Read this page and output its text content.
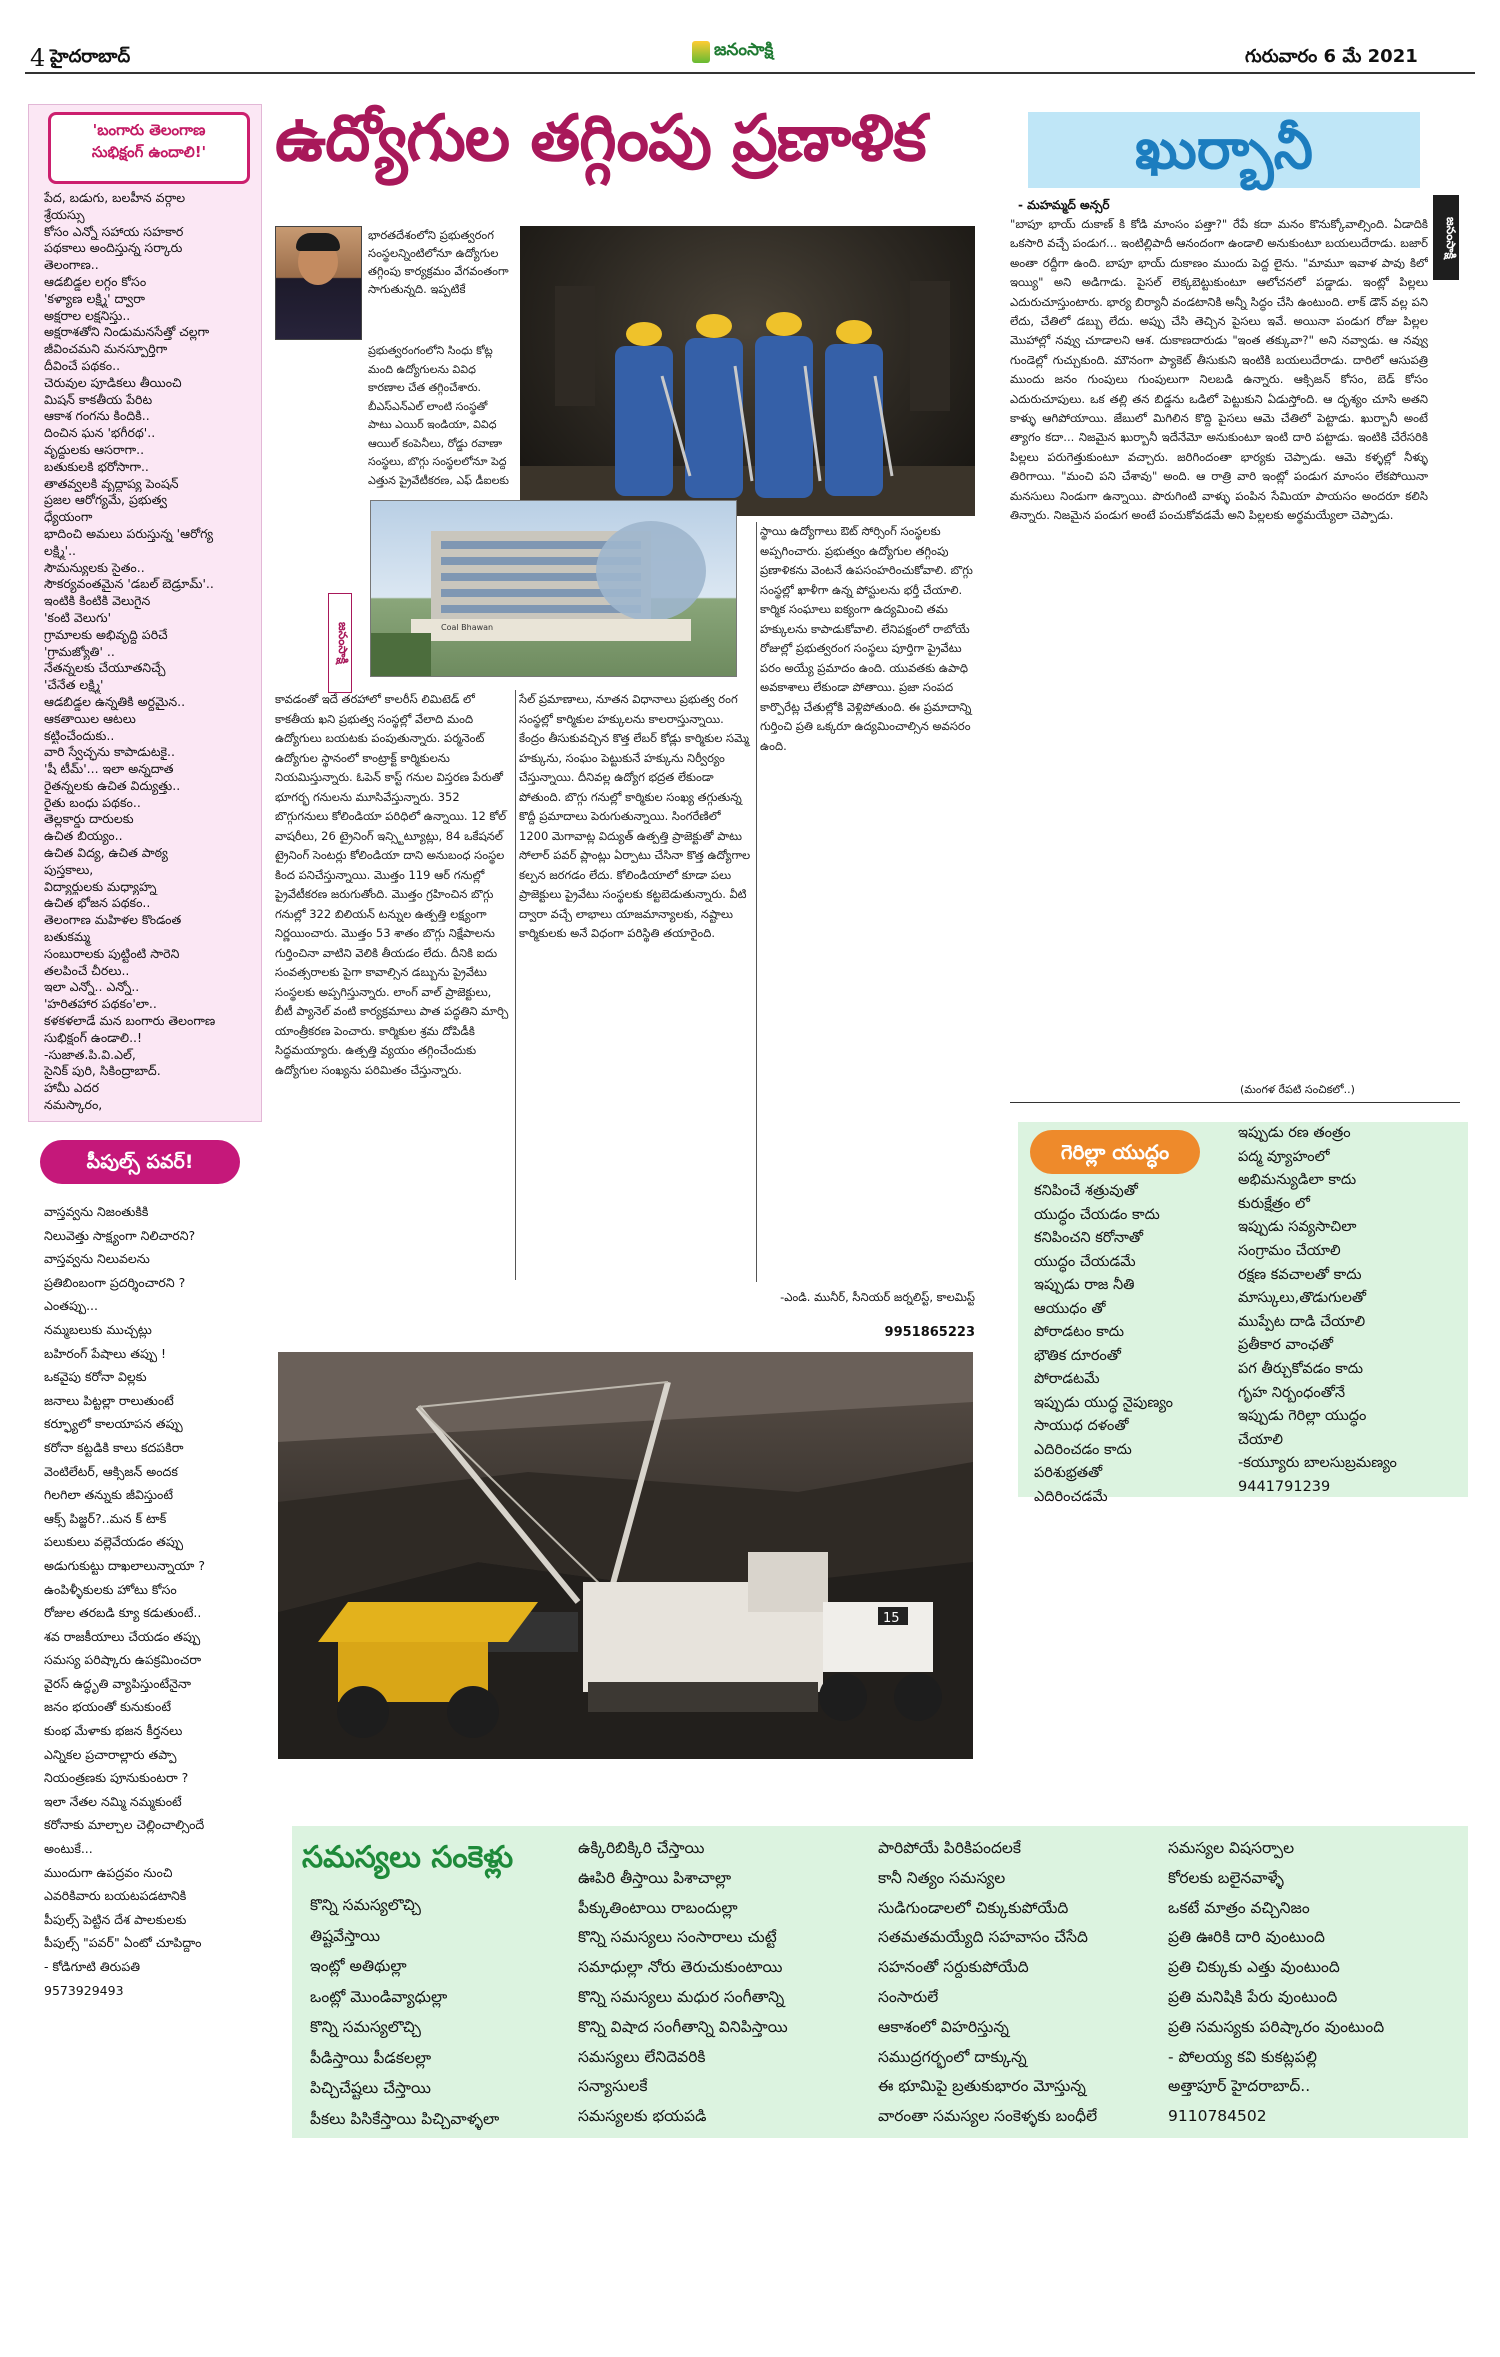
4 హైదరాబాద్	జనంసాక్షి	గురువారం 6 మే 2021
'బంగారు తెలంగాణ
సుభిక్షంగ్ ఉందాలి!'
పేద, బడుగు, బలహీన వర్గాల
శ్రేయస్సు
కోసం ఎన్నో సహాయ సహకార
పథకాలు అందిస్తున్న సర్కారు
తెలంగాణ..
ఆడబిడ్డల లగ్గం కోసం
'కళ్యాణ లక్ష్మి' ద్వారా
అక్షరాల లక్షనిస్తు..
అక్షరాశతోని నిండుమనసేత్తో చల్లగా
జీవించమని మనస్పూర్తిగా
దీవించే పథకం..
చెరువుల పూడికలు తీయించి
మిషన్ కాకతీయ పేరిట
ఆకాశ గంగను కిందికి..
దించిన ఘన 'భగీరథ'..
వృద్ధులకు ఆసరాగా..
బతుకులకి భరోసాగా..
తాతవ్వలకి వృద్ధాప్య పెంషన్
ప్రజల ఆరోగ్యమే, ప్రభుత్వ
ధ్యేయంగా
భాదించి అమలు పరుస్తున్న 'ఆరోగ్య
లక్ష్మి'..
సౌమన్యులకు సైతం..
సౌకర్యవంతమైన 'డబల్ బెడ్రూమ్'..
ఇంటికి కింటికి వెలుగైన
'కంటి వెలుగు'
గ్రామాలకు అభివృద్ధి పరిచే
'గ్రామజ్యోతి' ..
నేతన్నలకు చేయూతనిచ్చే
'చేనేత లక్ష్మి'
ఆడబిడ్డల ఉన్నతికి అర్ధమైన..
ఆకతాయిల ఆటలు
కట్టించేందుకు..
వారి స్వేచ్ఛను కాపాడుటకై..
'షీ టీమ్'... ఇలా అన్నదాత
రైతన్నలకు ఉచిత విద్యుత్తు..
రైతు బంధు పథకం..
తెల్లకార్డు దారులకు
ఉచిత బియ్యం..
ఉచిత విద్య, ఉచిత పాఠ్య
పుస్తకాలు,
విద్యార్థులకు మధ్యాహ్న
ఉచిత భోజన పథకం..
తెలంగాణ మహిళల కొండంత
బతుకమ్మ
సంబురాలకు పుట్టింటి సారెని
తలపించే చీరలు..
ఇలా ఎన్నో.. ఎన్నో..
'హరితహార పథకం'లా..
కళకళలాడే మన బంగారు తెలంగాణ
సుభిక్షంగ్ ఉండాలి..!
-సుజాత.పి.వి.ఎల్,
సైనిక్ పురి, సికింద్రాబాద్.
హామీ ఎదర
నమస్కారం,
పీపుల్స్ పవర్!
వాస్తవ్వను నిజంతుకికి
నిలువెత్తు సాక్ష్యంగా నిలిచారని?
వాస్తవ్వను నిలువలను
ప్రతిబింబంగా ప్రదర్శించారని ?
ఎంతప్పు...
నమ్మబలుకు ముచ్చట్లు
బహిరంగ్ పేషాలు తప్పు !
ఒకవైపు కరోనా విల్లకు
జనాలు పిట్టల్లా రాలుతుంటే
కర్ఫ్యూలో కాలయాపన తప్పు
కరోనా కట్టడికి కాలు కదపకిరా
వెంటిలేటర్, ఆక్సిజన్ అందక
గిలగిలా తన్నుకు జీవిస్తుంటే
ఆక్స్ పిజ్జర్?..మన క్ టాక్
పలుకులు వల్లెవేయడం తప్పు
అడుగుకుట్టు దాఖలాలున్నాయా ?
ఉంపిళ్ళీకులకు హోటు కోసం
రోజుల తరబడి క్యూ కడుతుంటే..
శవ రాజకీయాలు చేయడం తప్పు
సమస్య పరిష్కారు ఉపక్రమించరా
వైరస్ ఉద్ధృతి వ్యాపిస్తుంటేనైనా
జనం భయంతో కునుకుంటే
కుంభ మేళాకు భజన కీర్తనలు
ఎన్నికల ప్రచారాల్లారు తప్పా
నియంత్రణకు పూనుకుంటరా ?
ఇలా నేతల నమ్మి నమ్మకుంటే
కరోనాకు మాల్చాల చెల్లించాల్సిందే
అంటుకే...
ముందుగా ఉపద్రవం నుంచి
ఎవరికివారు బయటపడటానికి
పీపుల్స్ పెట్టిన దేశ పాలకులకు
పీపుల్స్ "పవర్" ఏంటో చూపిద్దాం
- కోడిగూటి తిరుపతి
9573929493
ఉద్యోగుల తగ్గింపు ప్రణాళిక
భారతదేశంలోని ప్రభుత్వరంగ సంస్థలన్నింటిలోనూ ఉద్యోగుల తగ్గింపు కార్యక్రమం వేగవంతంగా సాగుతున్నది. ఇప్పటికే
Coal Bhawan
జనంసాక్షి
ప్రభుత్వరంగంలోని సింధు కోట్ల మంది ఉద్యోగులను వివిధ కారణాల చేత తగ్గించేశారు. బీఎస్ఎన్ఎల్ లాంటి సంస్థతో పాటు ఎయిర్ ఇండియా, వివిధ ఆయిల్ కంపెనీలు, రోడ్డు రవాణా సంస్థలు, బొగ్గు సంస్థలలోనూ పెద్ద ఎత్తున ప్రైవేటీకరణ, ఎఫ్ డీఐలకు
కావడంతో ఇదే తరహాలో కాలరీస్ లిమిటెడ్ లో కాకతీయ ఖని ప్రభుత్వ సంస్థల్లో వేలాది మంది ఉద్యోగులు బయటకు పంపుతున్నారు. పర్మనెంట్ ఉద్యోగుల స్థానంలో కాంట్రాక్ట్ కార్మికులను నియమిస్తున్నారు. ఓపెన్ కాస్ట్ గనుల విస్తరణ పేరుతో భూగర్భ గనులను మూసివేస్తున్నారు. 352 బొగ్గుగనులు కోలిండియా పరిధిలో ఉన్నాయి. 12 కోల్ వాషరీలు, 26 ట్రైనింగ్ ఇన్స్టిట్యూట్లు, 84 ఒకేషనల్ ట్రైనింగ్ సెంటర్లు కోలిండియా దాని అనుబంధ సంస్థల కింద పనిచేస్తున్నాయి. మొత్తం 119 ఆర్ గనుల్లో ప్రైవేటీకరణ జరుగుతోంది. మొత్తం గ్రహించిన బొగ్గు గనుల్లో 322 బిలియన్ టన్నుల ఉత్పత్తి లక్ష్యంగా నిర్ణయించారు. మొత్తం 53 శాతం బొగ్గు నిక్షేపాలను గుర్తించినా వాటిని వెలికి తీయడం లేదు. దీనికి ఐదు సంవత్సరాలకు పైగా కావాల్సిన డబ్బును ప్రైవేటు సంస్థలకు అప్పగిస్తున్నారు. లాంగ్ వాల్ ప్రాజెక్టులు, బీటీ ప్యానెల్ వంటి కార్యక్రమాలు పాత పద్ధతిని మార్చి యాంత్రీకరణ పెంచారు. కార్మికుల శ్రమ దోపిడీకి సిద్ధమయ్యారు. ఉత్పత్తి వ్యయం తగ్గించేందుకు ఉద్యోగుల సంఖ్యను పరిమితం చేస్తున్నారు.
సేల్ ప్రమాణాలు, నూతన విధానాలు ప్రభుత్వ రంగ సంస్థల్లో కార్మికుల హక్కులను కాలరాస్తున్నాయి. కేంద్రం తీసుకువచ్చిన కొత్త లేబర్ కోడ్లు కార్మికుల సమ్మె హక్కును, సంఘం పెట్టుకునే హక్కును నిర్వీర్యం చేస్తున్నాయి. దీనివల్ల ఉద్యోగ భద్రత లేకుండా పోతుంది. బొగ్గు గనుల్లో కార్మికుల సంఖ్య తగ్గుతున్న కొద్దీ ప్రమాదాలు పెరుగుతున్నాయి. సింగరేణిలో 1200 మెగావాట్ల విద్యుత్ ఉత్పత్తి ప్రాజెక్టుతో పాటు సోలార్ పవర్ ప్లాంట్లు ఏర్పాటు చేసినా కొత్త ఉద్యోగాల కల్పన జరగడం లేదు. కోలిండియాలో కూడా పలు ప్రాజెక్టులు ప్రైవేటు సంస్థలకు కట్టబెడుతున్నారు. వీటి ద్వారా వచ్చే లాభాలు యాజమాన్యాలకు, నష్టాలు కార్మికులకు అనే విధంగా పరిస్థితి తయారైంది.
స్థాయి ఉద్యోగాలు ఔట్ సోర్సింగ్ సంస్థలకు అప్పగించారు. ప్రభుత్వం ఉద్యోగుల తగ్గింపు ప్రణాళికను వెంటనే ఉపసంహరించుకోవాలి. బొగ్గు సంస్థల్లో ఖాళీగా ఉన్న పోస్టులను భర్తీ చేయాలి. కార్మిక సంఘాలు ఐక్యంగా ఉద్యమించి తమ హక్కులను కాపాడుకోవాలి. లేనిపక్షంలో రాబోయే రోజుల్లో ప్రభుత్వరంగ సంస్థలు పూర్తిగా ప్రైవేటు పరం అయ్యే ప్రమాదం ఉంది. యువతకు ఉపాధి అవకాశాలు లేకుండా పోతాయి. ప్రజా సంపద కార్పొరేట్ల చేతుల్లోకి వెళ్లిపోతుంది. ఈ ప్రమాదాన్ని గుర్తించి ప్రతి ఒక్కరూ ఉద్యమించాల్సిన అవసరం ఉంది.
-ఎండి. మునీర్, సీనియర్ జర్నలిస్ట్, కాలమిస్ట్
9951865223
15
ఖుర్బానీ
జనంసాక్షి
- మహమ్మద్ అన్సర్
"బాపూ భాయ్ దుకాణ్ కి కోడి మాంసం పత్తా?" రేపే కదా మనం కొనుక్కోవాల్సింది. ఏడాదికి ఒకసారి వచ్చే పండుగ... ఇంటిల్లిపాదీ ఆనందంగా ఉండాలి అనుకుంటూ బయలుదేరాడు. బజార్ అంతా రద్దీగా ఉంది. బాపూ భాయ్ దుకాణం ముందు పెద్ద లైను. "మామూ ఇవాళ పావు కిలో ఇయ్యి" అని అడిగాడు. పైసల్ లెక్కబెట్టుకుంటూ ఆలోచనలో పడ్డాడు. ఇంట్లో పిల్లలు ఎదురుచూస్తుంటారు. భార్య బిర్యానీ వండటానికి అన్నీ సిద్ధం చేసి ఉంటుంది. లాక్ డౌన్ వల్ల పని లేదు, చేతిలో డబ్బు లేదు. అప్పు చేసి తెచ్చిన పైసలు ఇవే. అయినా పండుగ రోజు పిల్లల మొహాల్లో నవ్వు చూడాలని ఆశ. దుకాణదారుడు "ఇంత తక్కువా?" అని నవ్వాడు. ఆ నవ్వు గుండెల్లో గుచ్చుకుంది. మౌనంగా ప్యాకెట్ తీసుకుని ఇంటికి బయలుదేరాడు. దారిలో ఆసుపత్రి ముందు జనం గుంపులు గుంపులుగా నిలబడి ఉన్నారు. ఆక్సిజన్ కోసం, బెడ్ కోసం ఎదురుచూపులు. ఒక తల్లి తన బిడ్డను ఒడిలో పెట్టుకుని ఏడుస్తోంది. ఆ దృశ్యం చూసి అతని కాళ్ళు ఆగిపోయాయి. జేబులో మిగిలిన కొద్ది పైసలు ఆమె చేతిలో పెట్టాడు. ఖుర్బానీ అంటే త్యాగం కదా... నిజమైన ఖుర్బానీ ఇదేనేమో అనుకుంటూ ఇంటి దారి పట్టాడు. ఇంటికి చేరేసరికి పిల్లలు పరుగెత్తుకుంటూ వచ్చారు. జరిగిందంతా భార్యకు చెప్పాడు. ఆమె కళ్ళల్లో నీళ్ళు తిరిగాయి. "మంచి పని చేశావు" అంది. ఆ రాత్రి వారి ఇంట్లో పండుగ మాంసం లేకపోయినా మనసులు నిండుగా ఉన్నాయి. పొరుగింటి వాళ్ళు పంపిన సేమియా పాయసం అందరూ కలిసి తిన్నారు. నిజమైన పండుగ అంటే పంచుకోవడమే అని పిల్లలకు అర్థమయ్యేలా చెప్పాడు.
(మంగళ రేపటి సంచికలో..)
గెరిల్లా యుద్ధం
కనిపించే శత్రువుతో
యుద్ధం చేయడం కాదు
కనిపించని కరోనాతో
యుద్ధం చేయడమే
ఇప్పుడు రాజ నీతి
ఆయుధం తో
పోరాడటం కాదు
భౌతిక దూరంతో
పోరాడటమే
ఇప్పుడు యుద్ధ నైపుణ్యం
సాయుధ దళంతో
ఎదిరించడం కాదు
పరిశుభ్రతతో
ఎదిరించడమే
ఇప్పుడు రణ తంత్రం
పద్మ వ్యూహంలో
అభిమన్యుడిలా కాదు
కురుక్షేత్రం లో
ఇప్పుడు సవ్యసాచిలా
సంగ్రామం చేయాలి
రక్షణ కవచాలతో కాదు
మాస్కులు,తొడుగులతో
ముప్పేట దాడి చేయాలి
ప్రతీకార వాంఛతో
పగ తీర్చుకోవడం కాదు
గృహ నిర్బంధంతోనే
ఇప్పుడు గెరిల్లా యుద్ధం
చేయాలి
-కయ్యూరు బాలసుబ్రమణ్యం
9441791239
సమస్యలు సంకెళ్లు
కొన్ని సమస్యలొచ్చి
తిష్టవేస్తాయి
ఇంట్లో అతిథుల్లా
ఒంట్లో మొండివ్యాధుల్లా
కొన్ని సమస్యలొచ్చి
పీడిస్తాయి పీడకలల్లా
పిచ్చిచేష్టలు చేస్తాయి
పీకలు పిసికేస్తాయి పిచ్చివాళ్ళలా
ఉక్కిరిబిక్కిరి చేస్తాయి
ఊపిరి తీస్తాయి పిశాచాల్లా
పీక్కుతింటాయి రాబందుల్లా
కొన్ని సమస్యలు సంసారాలు చుట్టే
సమాధుల్లా నోరు తెరుచుకుంటాయి
కొన్ని సమస్యలు మధుర సంగీతాన్ని
కొన్ని విషాద సంగీతాన్ని వినిపిస్తాయి
సమస్యలు లేనిదెవరికి
సన్యాసులకే
సమస్యలకు భయపడి
పారిపోయే పిరికిపందలకే
కానీ నిత్యం సమస్యల
సుడిగుండాలలో చిక్కుకుపోయేది
సతమతమయ్యేది సహవాసం చేసేది
సహనంతో సర్దుకుపోయేది
సంసారులే
ఆకాశంలో విహరిస్తున్న
సముద్రగర్భంలో దాక్కున్న
ఈ భూమిపై బ్రతుకుభారం మోస్తున్న
వారంతా సమస్యల సంకెళ్ళకు బంధీలే
సమస్యల విషసర్పాల
కోరలకు బలైనవాళ్ళే
ఒకటే మాత్రం వచ్చినిజం
ప్రతి ఊరికి దారి వుంటుంది
ప్రతి చిక్కుకు ఎత్తు వుంటుంది
ప్రతి మనిషికి పేరు వుంటుంది
ప్రతి సమస్యకు పరిష్కారం వుంటుంది
- పోలయ్య కవి కుకట్లపల్లి
అత్తాపూర్ హైదరాబాద్..
9110784502
